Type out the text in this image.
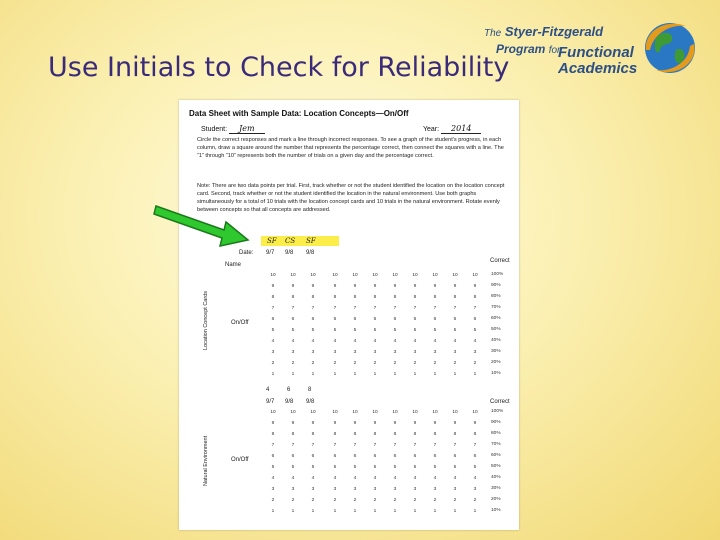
Use Initials to Check for Reliability
The Styer-Fitzgerald
Program for
Functional
Academics
Data Sheet with Sample Data: Location Concepts—On/Off
Student: Jem	Year: 2014
Circle the correct responses and mark a line through incorrect responses. To see a graph of the student's progress, in each column, draw a square around the number that represents the percentage correct, then connect the squares with a line. The “1” through “10” represents both the number of trials on a given day and the percentage correct.
Note: There are two data points per trial. First, track whether or not the student identified the location on the location concept card. Second, track whether or not the student identified the location in the natural environment. Use both graphs simultaneously for a total of 10 trials with the location concept cards and 10 trials in the natural environment. Rotate evenly between concepts so that all concepts are addressed.
SF CS SF
Date: 9/7 9/8 9/8
Name
Correct
Location Concept Cards	On/Off
4	6	8
9/7 9/8 9/8	Correct
Natural Environment	On/Off
10	10	10	10	10	10	10	10	10	10	10	100%
9	9	9	9	9	9	9	9	9	9	9	90%
8	8	8	8	8	8	8	8	8	8	8	80%
7	7	7	7	7	7	7	7	7	7	7	70%
6	6	6	6	6	6	6	6	6	6	6	60%
5	5	5	5	5	5	5	5	5	5	5	50%
4	4	4	4	4	4	4	4	4	4	4	40%
3	3	3	3	3	3	3	3	3	3	3	30%
2	2	2	2	2	2	2	2	2	2	2	20%
1	1	1	1	1	1	1	1	1	1	1	10%
10	10	10	10	10	10	10	10	10	10	10	100%
9	9	9	9	9	9	9	9	9	9	9	90%
8	8	8	8	8	8	8	8	8	8	8	80%
7	7	7	7	7	7	7	7	7	7	7	70%
6	6	6	6	6	6	6	6	6	6	6	60%
5	5	5	5	5	5	5	5	5	5	5	50%
4	4	4	4	4	4	4	4	4	4	4	40%
3	3	3	3	3	3	3	3	3	3	3	30%
2	2	2	2	2	2	2	2	2	2	2	20%
1	1	1	1	1	1	1	1	1	1	1	10%
